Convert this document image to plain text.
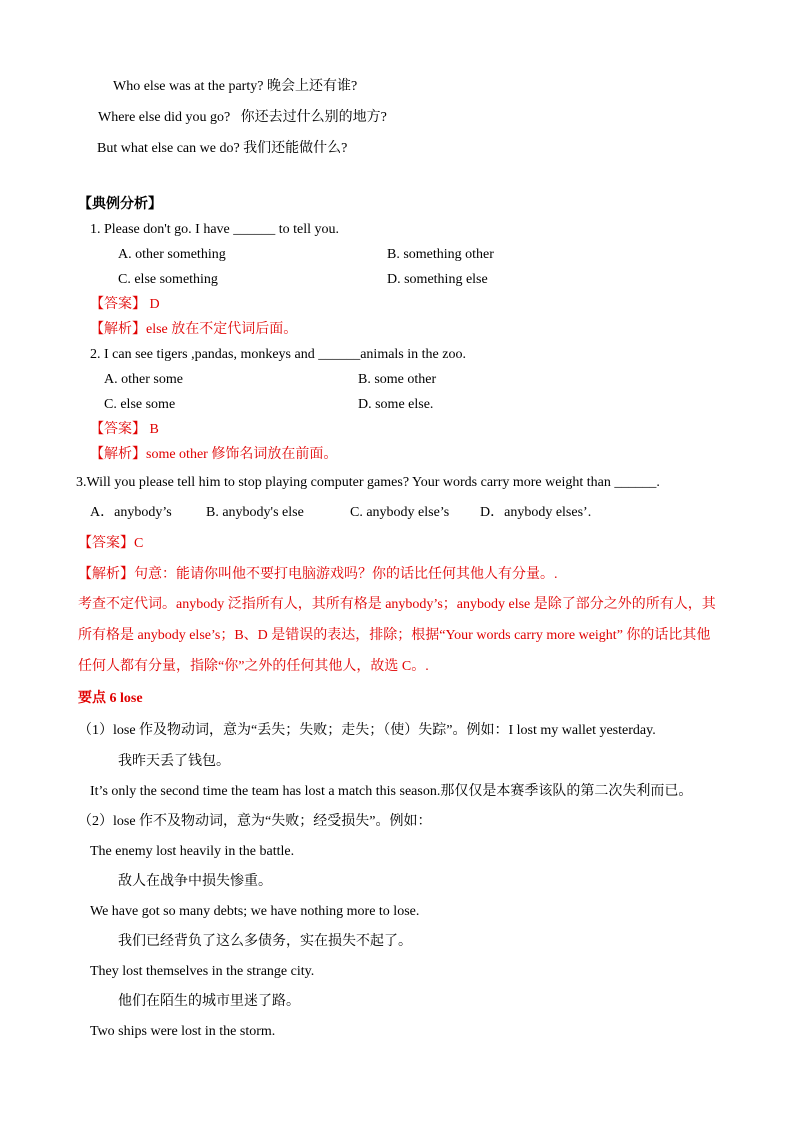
Who else was at the party? 晚会上还有谁?
Where else did you go?   你还去过什么别的地方?
But what else can we do? 我们还能做什么?
【典例分析】
1. Please don't go. I have ______ to tell you.
A. other something	B. something other
C. else something	D. something else
【答案】 D
【解析】else 放在不定代词后面。
2. I can see tigers ,pandas, monkeys and ______animals in the zoo.
A. other some	B. some other
C. else some	D. some else.
【答案】 B
【解析】some other 修饰名词放在前面。
3.Will you please tell him to stop playing computer games? Your words carry more weight than ______.
A．anybody’s B. anybody's else	C. anybody else’s D．anybody elses’.
【答案】C
【解析】句意：能请你叫他不要打电脑游戏吗？你的话比任何其他人有分量。.
考查不定代词。anybody 泛指所有人，其所有格是 anybody’s；anybody else 是除了部分之外的所有人，其
所有格是 anybody else’s；B、D 是错误的表达，排除；根据“Your words carry more weight” 你的话比其他
任何人都有分量，指除“你”之外的任何其他人，故选 C。.
要点 6 lose
（1）lose 作及物动词，意为“丢失；失败；走失；（使）失踪”。例如：I lost my wallet yesterday.
我昨天丢了钱包。
It’s only the second time the team has lost a match this season.那仅仅是本赛季该队的第二次失利而已。
（2）lose 作不及物动词，意为“失败；经受损失”。例如：
The enemy lost heavily in the battle.
敌人在战争中损失惨重。
We have got so many debts; we have nothing more to lose.
我们已经背负了这么多债务，实在损失不起了。
They lost themselves in the strange city.
他们在陌生的城市里迷了路。
Two ships were lost in the storm.
